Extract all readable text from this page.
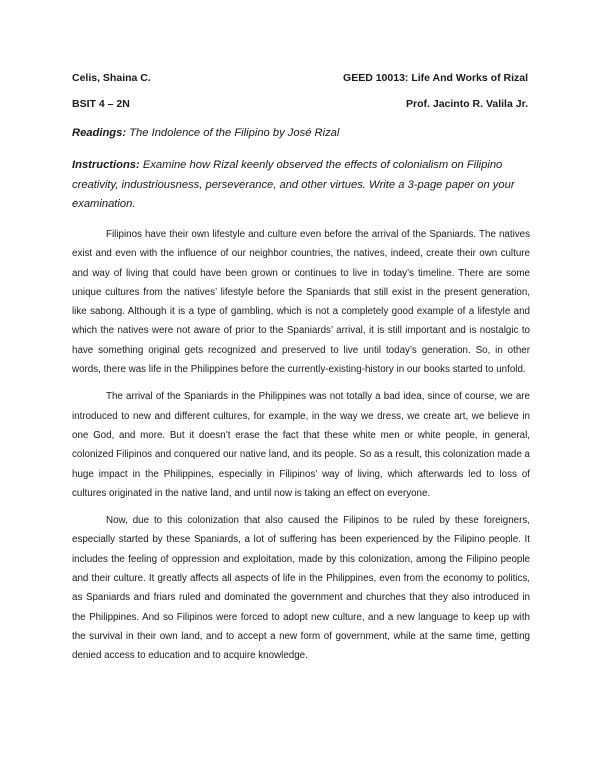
Celis, Shaina C.	GEED 10013: Life And Works of Rizal
BSIT 4 – 2N	Prof. Jacinto R. Valila Jr.
Readings: The Indolence of the Filipino by José Rizal
Instructions: Examine how Rizal keenly observed the effects of colonialism on Filipino creativity, industriousness, perseverance, and other virtues. Write a 3-page paper on your examination.

Filipinos have their own lifestyle and culture even before the arrival of the Spaniards. The natives exist and even with the influence of our neighbor countries, the natives, indeed, create their own culture and way of living that could have been grown or continues to live in today’s timeline. There are some unique cultures from the natives’ lifestyle before the Spaniards that still exist in the present generation, like sabong. Although it is a type of gambling, which is not a completely good example of a lifestyle and which the natives were not aware of prior to the Spaniards’ arrival, it is still important and is nostalgic to have something original gets recognized and preserved to live until today’s generation. So, in other words, there was life in the Philippines before the currently-existing-history in our books started to unfold.

The arrival of the Spaniards in the Philippines was not totally a bad idea, since of course, we are introduced to new and different cultures, for example, in the way we dress, we create art, we believe in one God, and more. But it doesn’t erase the fact that these white men or white people, in general, colonized Filipinos and conquered our native land, and its people. So as a result, this colonization made a huge impact in the Philippines, especially in Filipinos’ way of living, which afterwards led to loss of cultures originated in the native land, and until now is taking an effect on everyone.

Now, due to this colonization that also caused the Filipinos to be ruled by these foreigners, especially started by these Spaniards, a lot of suffering has been experienced by the Filipino people. It includes the feeling of oppression and exploitation, made by this colonization, among the Filipino people and their culture. It greatly affects all aspects of life in the Philippines, even from the economy to politics, as Spaniards and friars ruled and dominated the government and churches that they also introduced in the Philippines. And so Filipinos were forced to adopt new culture, and a new language to keep up with the survival in their own land, and to accept a new form of government, while at the same time, getting denied access to education and to acquire knowledge.
